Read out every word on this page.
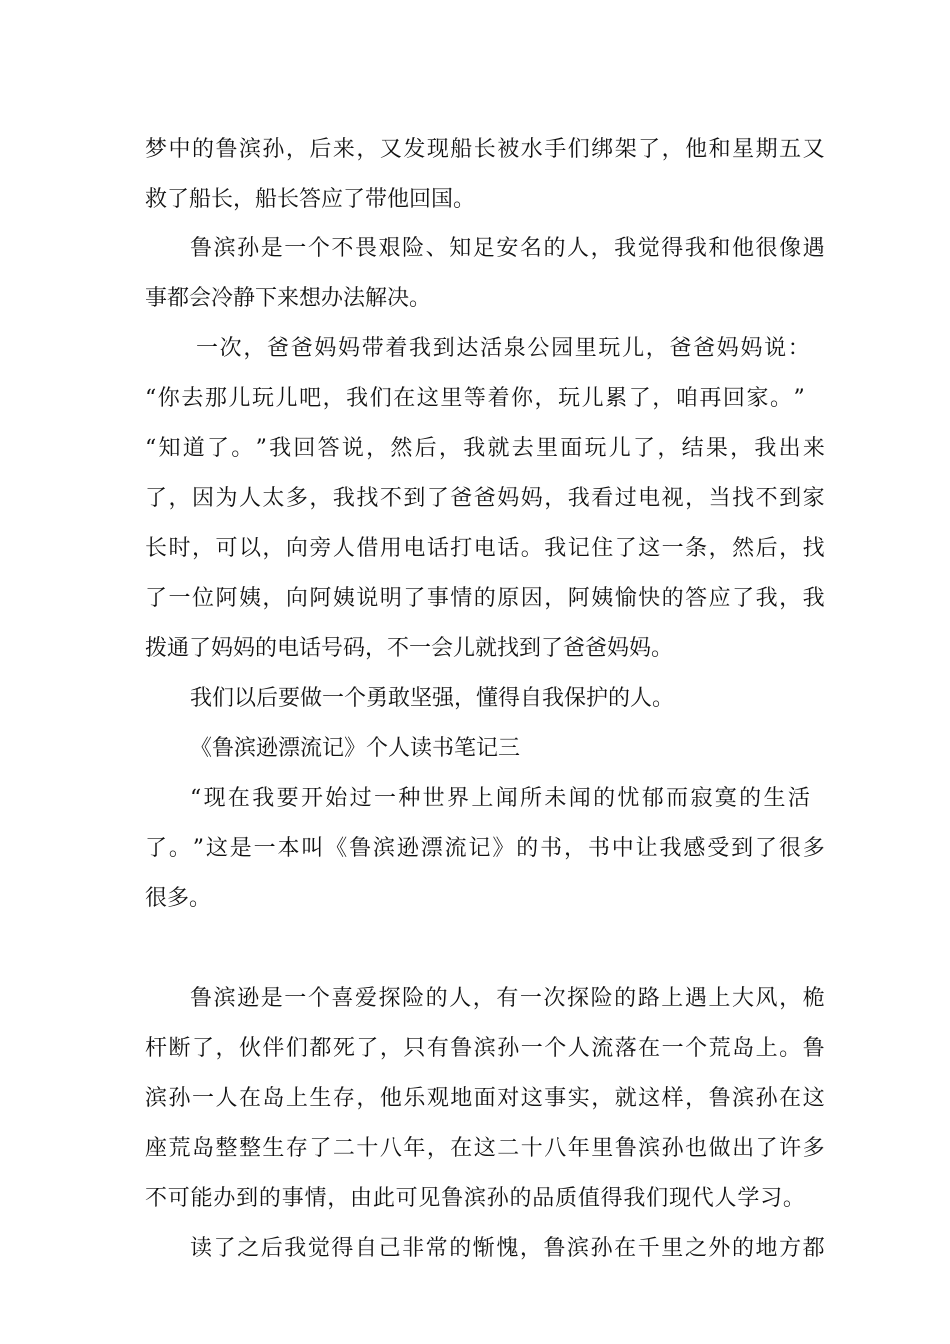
梦 中 的 鲁 滨 孙 ， 后 来 ， 又 发 现 船 长 被 水 手 们 绑 架 了 ， 他 和 星 期 五 又
救了船长，船长答应了带他回国。
鲁 滨 孙 是 一 个 不 畏 艰 险 、 知 足 安 名 的 人 ， 我 觉 得 我 和 他 很 像 遇
事都会冷静下来想办法解决。
一 次 ， 爸 爸 妈 妈 带 着 我 到 达 活 泉 公 园 里 玩 儿 ， 爸 爸 妈 妈 说 ：
“ 你 去 那 儿 玩 儿 吧 ， 我 们 在 这 里 等 着 你 ， 玩 儿 累 了 ， 咱 再 回 家 。 ”
“ 知 道 了 。 ” 我 回 答 说 ， 然 后 ， 我 就 去 里 面 玩 儿 了 ， 结 果 ， 我 出 来
了 ， 因 为 人 太 多 ， 我 找 不 到 了 爸 爸 妈 妈 ， 我 看 过 电 视 ， 当 找 不 到 家
长 时 ， 可 以 ， 向 旁 人 借 用 电 话 打 电 话 。 我 记 住 了 这 一 条 ， 然 后 ， 找
了 一 位 阿 姨 ， 向 阿 姨 说 明 了 事 情 的 原 因 ， 阿 姨 愉 快 的 答 应 了 我 ， 我
拨通了妈妈的电话号码，不一会儿就找到了爸爸妈妈。
我们以后要做一个勇敢坚强，懂得自我保护的人。
《鲁滨逊漂流记》个人读书笔记三
“ 现 在 我 要 开 始 过 一 种 世 界 上 闻 所 未 闻 的 忧 郁 而 寂 寞 的 生 活
了 。 ” 这 是 一 本 叫 《 鲁 滨 逊 漂 流 记 》 的 书 ， 书 中 让 我 感 受 到 了 很 多
很多。
鲁 滨 逊 是 一 个 喜 爱 探 险 的 人 ， 有 一 次 探 险 的 路 上 遇 上 大 风 ， 桅
杆 断 了 ， 伙 伴 们 都 死 了 ， 只 有 鲁 滨 孙 一 个 人 流 落 在 一 个 荒 岛 上 。 鲁
滨 孙 一 人 在 岛 上 生 存 ， 他 乐 观 地 面 对 这 事 实 ， 就 这 样 ， 鲁 滨 孙 在 这
座 荒 岛 整 整 生 存 了 二 十 八 年 ， 在 这 二 十 八 年 里 鲁 滨 孙 也 做 出 了 许 多
不 可 能 办 到 的 事 情 ， 由 此 可 见 鲁 滨 孙 的 品 质 值 得 我 们 现 代 人 学 习 。
读 了 之 后 我 觉 得 自 己 非 常 的 惭 愧 ， 鲁 滨 孙 在 千 里 之 外 的 地 方 都
